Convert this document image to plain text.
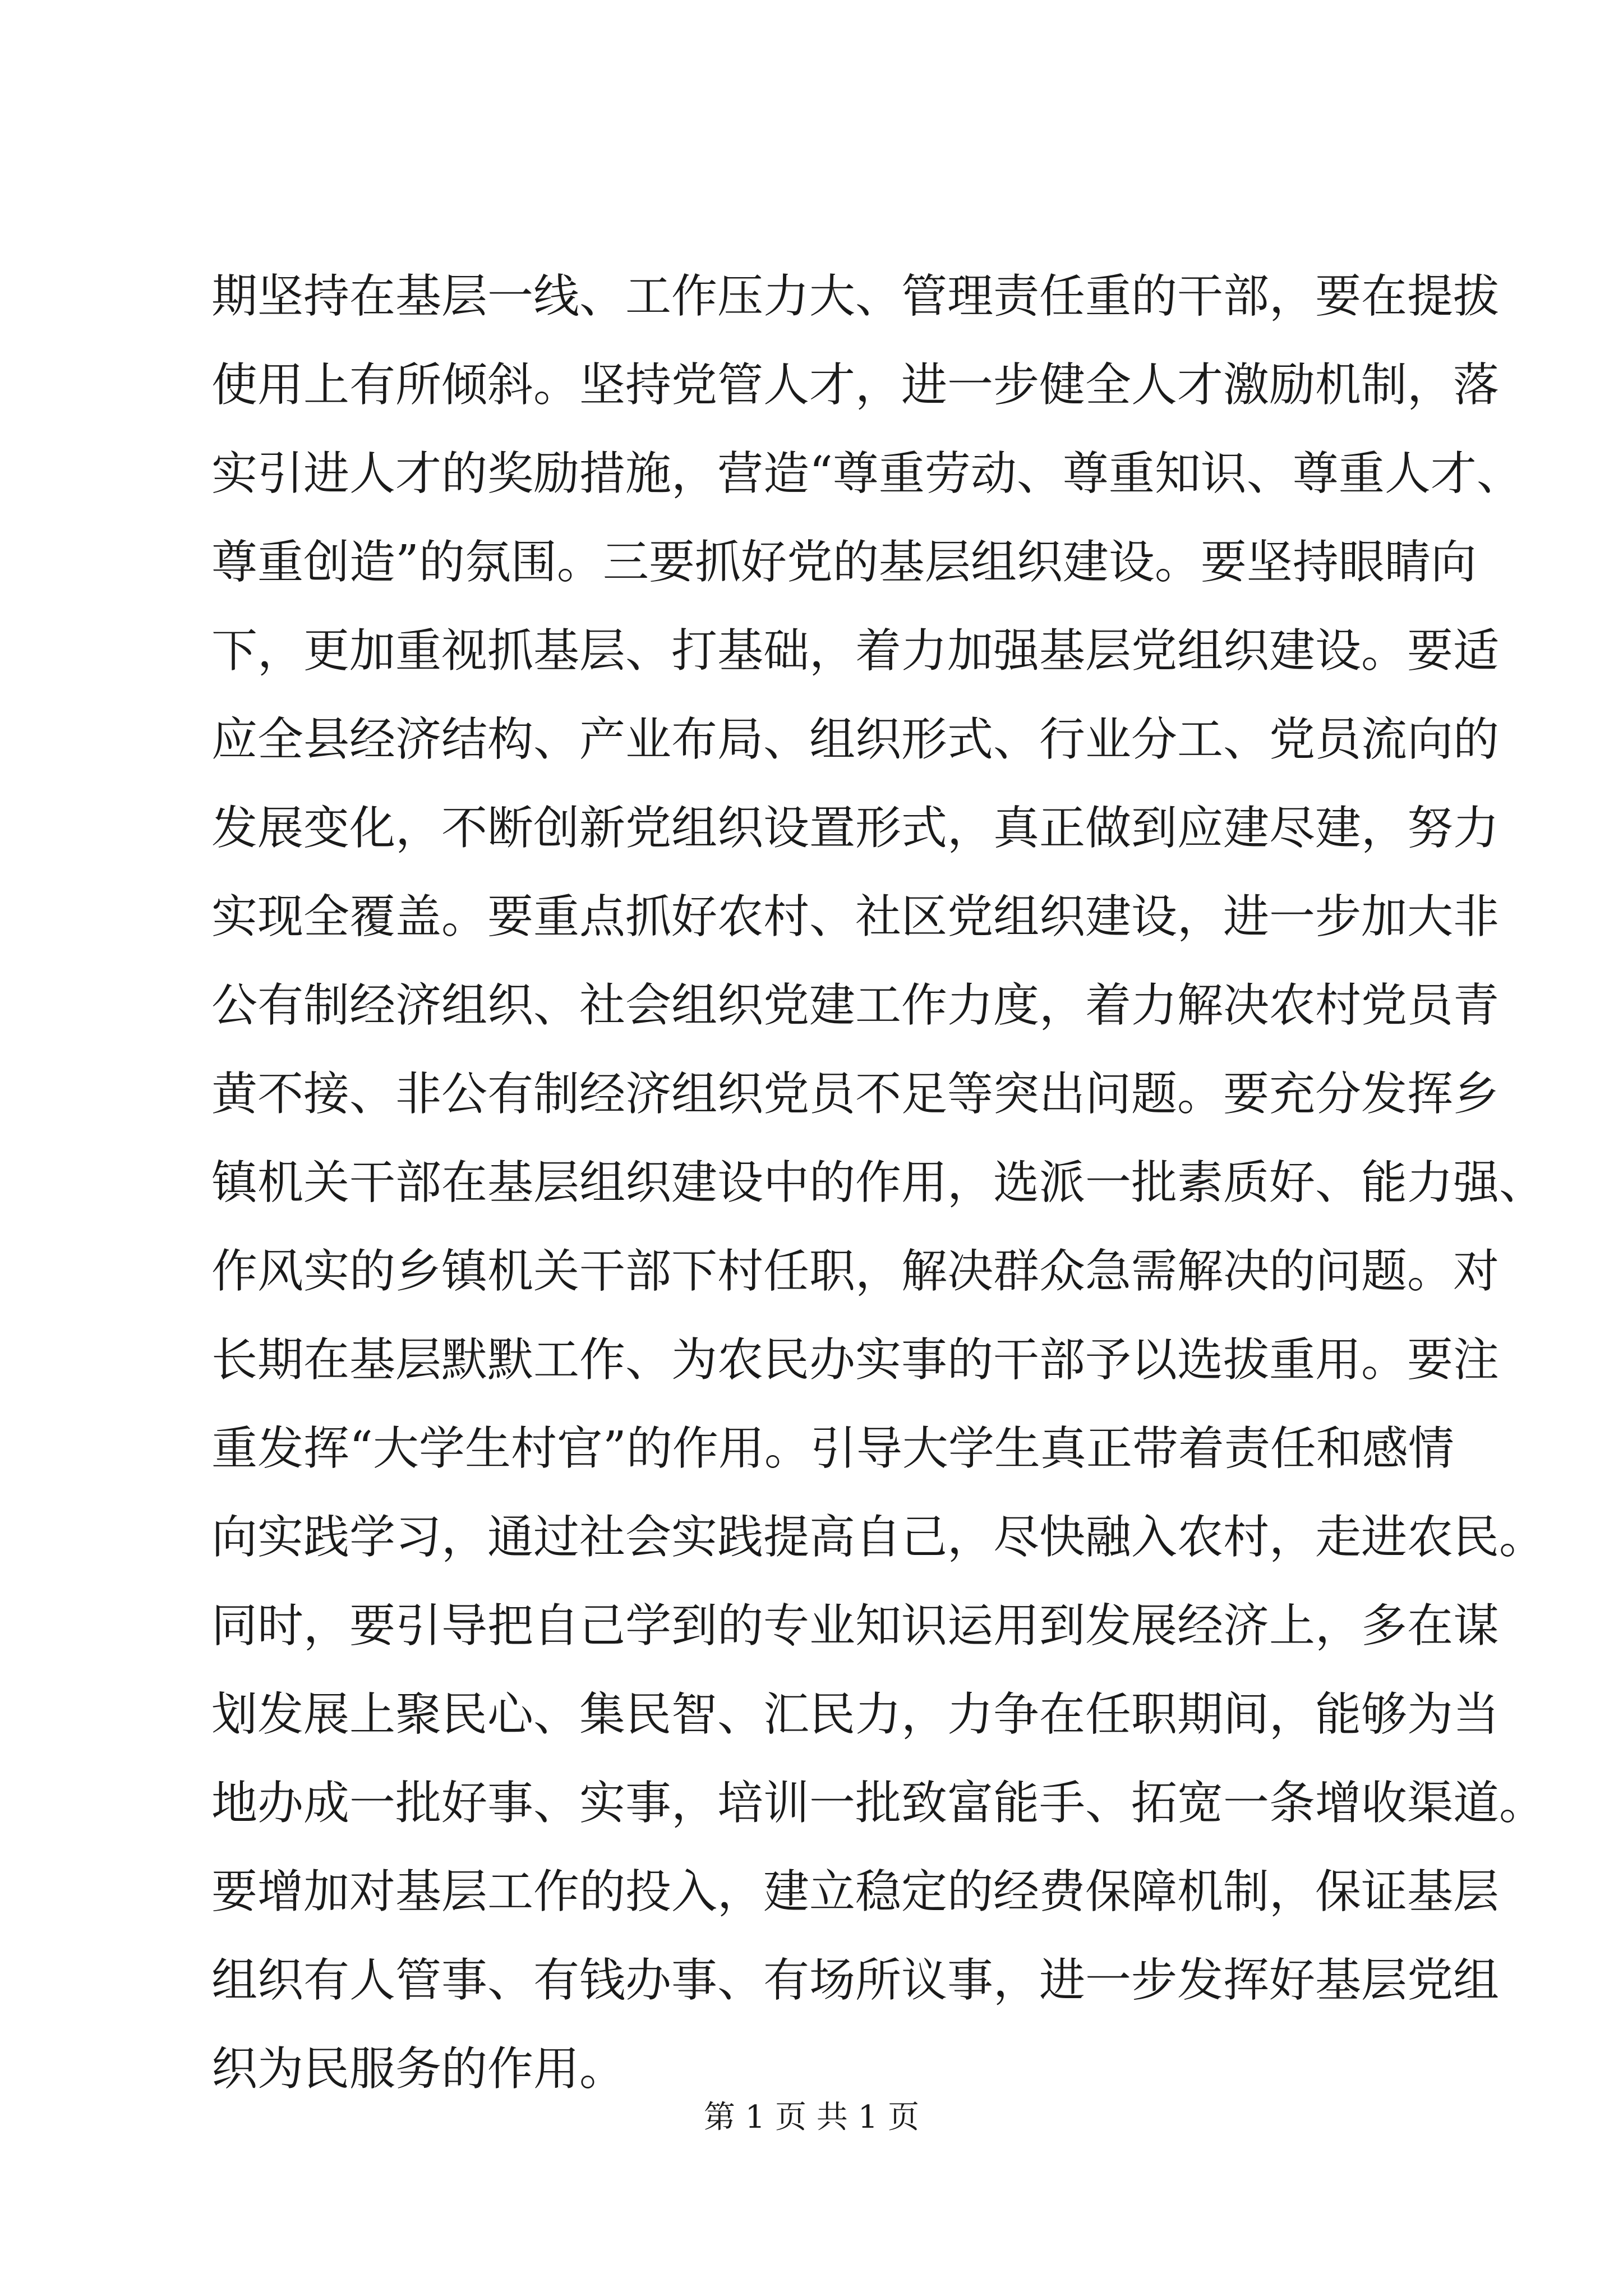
期坚持在基层一线、工作压力大、管理责任重的干部，要在提拔
使用上有所倾斜。坚持党管人才，进一步健全人才激励机制，落
实引进人才的奖励措施，营造“尊重劳动、尊重知识、尊重人才、
尊重创造”的氛围。三要抓好党的基层组织建设。要坚持眼睛向
下，更加重视抓基层、打基础，着力加强基层党组织建设。要适
应全县经济结构、产业布局、组织形式、行业分工、党员流向的
发展变化，不断创新党组织设置形式，真正做到应建尽建，努力
实现全覆盖。要重点抓好农村、社区党组织建设，进一步加大非
公有制经济组织、社会组织党建工作力度，着力解决农村党员青
黄不接、非公有制经济组织党员不足等突出问题。要充分发挥乡
镇机关干部在基层组织建设中的作用，选派一批素质好、能力强、
作风实的乡镇机关干部下村任职，解决群众急需解决的问题。对
长期在基层默默工作、为农民办实事的干部予以选拔重用。要注
重发挥“大学生村官”的作用。引导大学生真正带着责任和感情
向实践学习，通过社会实践提高自己，尽快融入农村，走进农民。
同时，要引导把自己学到的专业知识运用到发展经济上，多在谋
划发展上聚民心、集民智、汇民力，力争在任职期间，能够为当
地办成一批好事、实事，培训一批致富能手、拓宽一条增收渠道。
要增加对基层工作的投入，建立稳定的经费保障机制，保证基层
组织有人管事、有钱办事、有场所议事，进一步发挥好基层党组
织为民服务的作用。
第 1 页 共 1 页
